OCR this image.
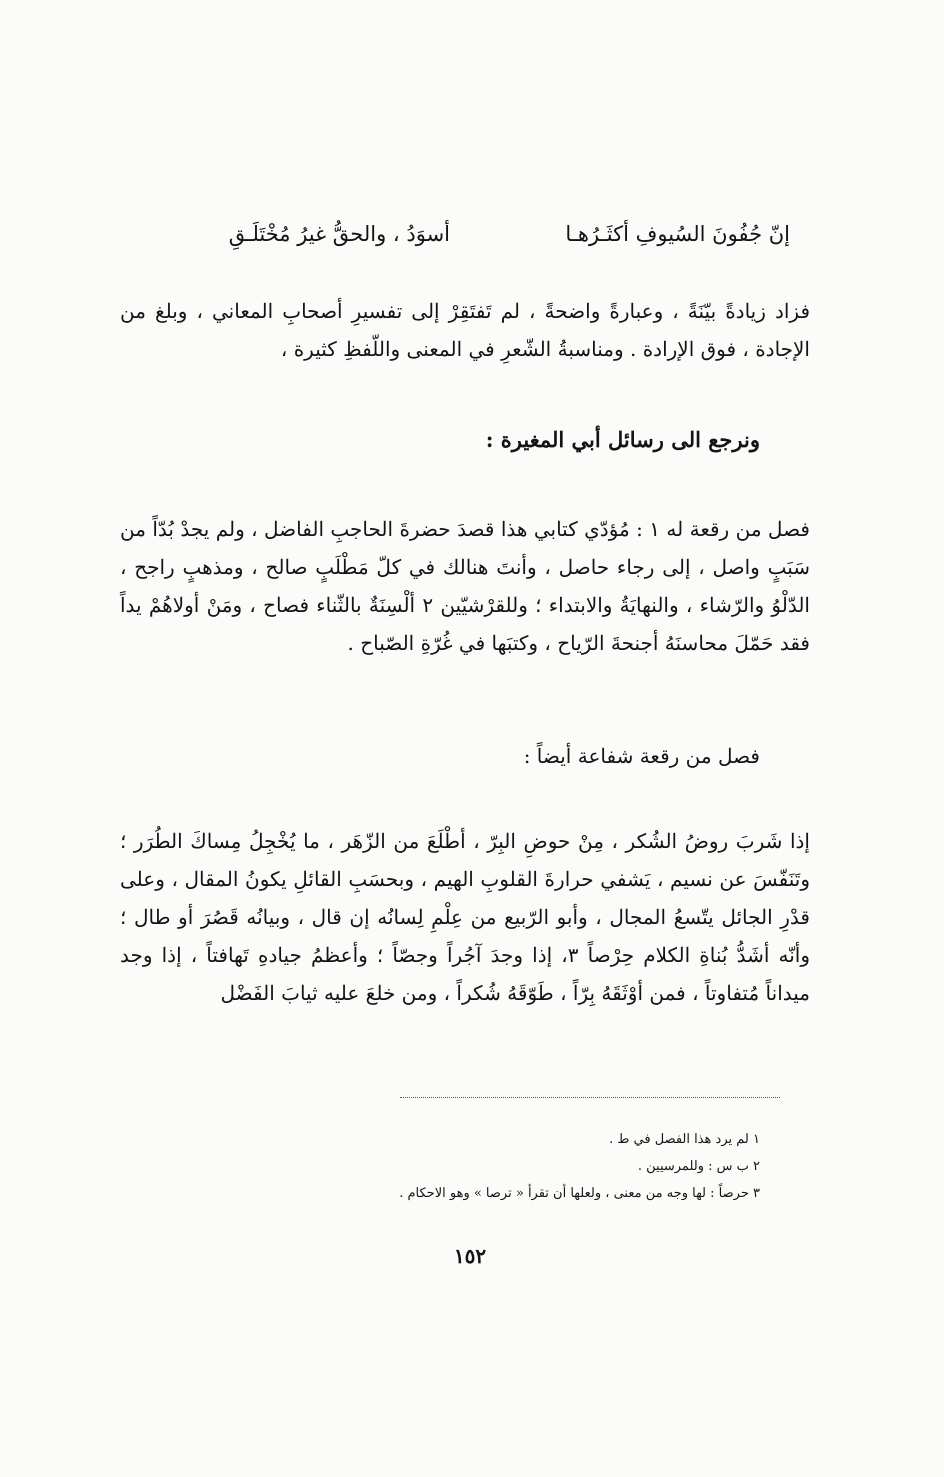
إنّ جُفُونَ السُيوفِ أكثَـرُهـا
أسوَدُ ، والحقُّ غيرُ مُخْتَلَـقِ

فزاد زيادةً بيّنَةً ، وعبارةً واضحةً ، لم تَفتَقِرْ إلى تفسيرِ أصحابِ المعاني ، وبلغ من الإجادة ، فوق الإرادة . ومناسبةُ الشّعرِ في المعنى واللّفظِ كثيرة ،

ونرجع الى رسائل أبي المغيرة :

فصل من رقعة له ١ : مُؤدّي كتابي هذا قصدَ حضرةَ الحاجبِ الفاضل ، ولم يجدْ بُدّاً من سَبَبٍ واصل ، إلى رجاء حاصل ، وأنتَ هنالك في كلّ مَطْلَبٍ صالح ، ومذهبٍ راجح ، الدّلْوُ والرّشاء ، والنهايَةُ والابتداء ؛ وللقرْشيّين ٢ ألْسِنَةٌ بالثّناء فصاح ، ومَنْ أولاهُمْ يداً فقد حَمّلَ محاسنَهُ أجنحةَ الرّياح ، وكتبَها في غُرّةِ الصّباح .

فصل من رقعة شفاعة أيضاً :

إذا شَربَ روضُ الشُكر ، مِنْ حوضِ البِرّ ، أطْلَعَ من الزّهَر ، ما يُخْجِلُ مِساكَ الطُرَر ؛ وتَنَفّسَ عن نسيم ، يَشفي حرارةَ القلوبِ الهيم ، وبحسَبِ القائلِ يكونُ المقال ، وعلى قدْرِ الجائل يتّسعُ المجال ، وأبو الرّبيع من عِلْمِ لِسانُه إن قال ، وبيانُه قَصُرَ أو طال ؛ وأنّه أشَدُّ بُناةِ الكلام حِرْصاً ٣، إذا وجدَ آجُراً وجصّاً ؛ وأعظمُ جيادهِ تَهافتاً ، إذا وجد ميداناً مُتفاوتاً ، فمن أوْثَقَهُ بِرّاً ، طَوّقَهُ شُكراً ، ومن خلعَ عليه ثيابَ الفَضْل

١ لم يرد هذا الفصل في ط .
٢ ب س : وللمرسيين .
٣ حرصاً : لها وجه من معنى ، ولعلها أن تقرأ « ترصا » وهو الاحكام .
١٥٢
